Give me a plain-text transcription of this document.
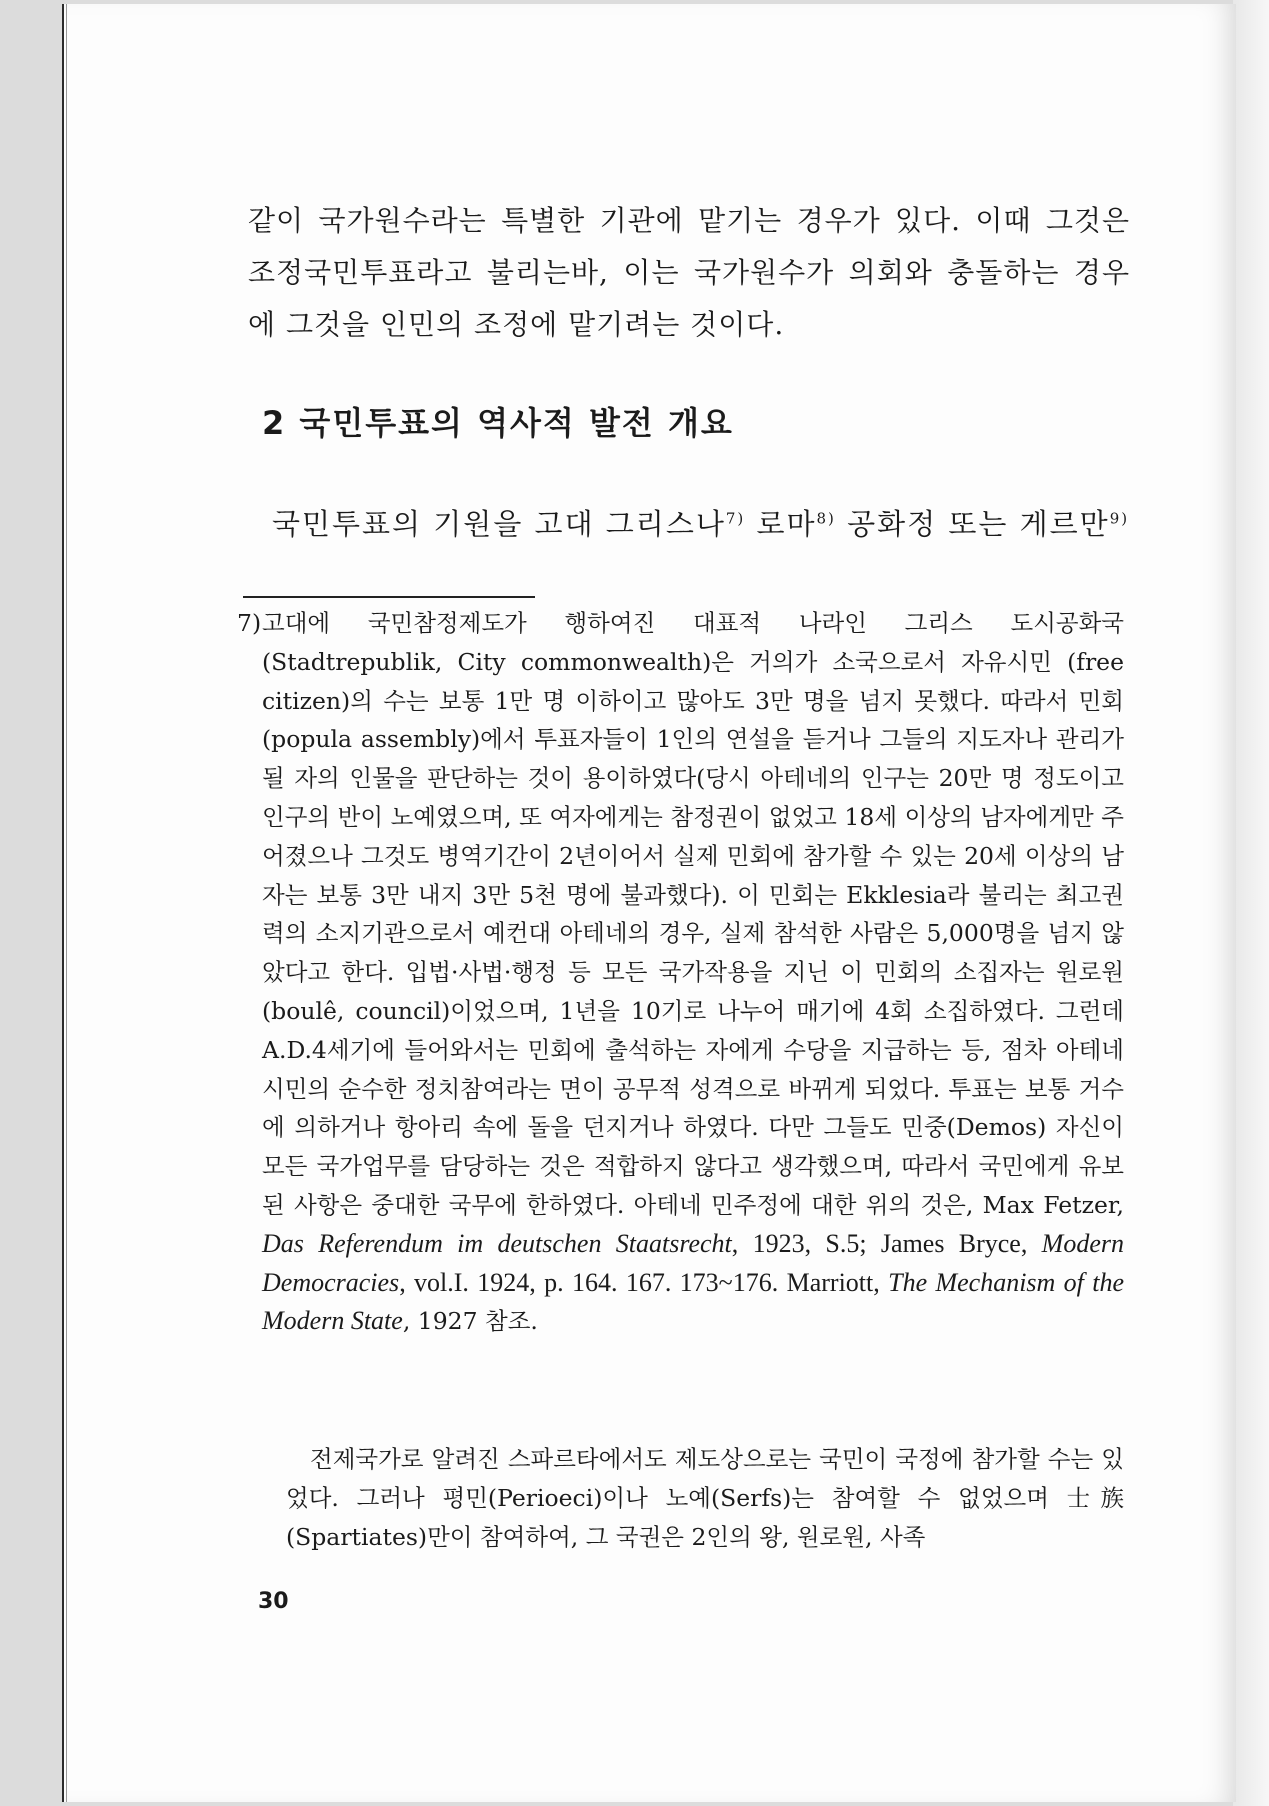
같이 국가원수라는 특별한 기관에 맡기는 경우가 있다. 이때 그것은 조정국민투표라고 불리는바, 이는 국가원수가 의회와 충돌하는 경우에 그것을 인민의 조정에 맡기려는 것이다.

2 국민투표의 역사적 발전 개요

국민투표의 기원을 고대 그리스나$^{7)}$ 로마$^{8)}$ 공화정 또는 게르만$^{9)}$

7) 고대에 국민참정제도가 행하여진 대표적 나라인 그리스 도시공화국 (Stadtrepublik, City commonwealth)은 거의가 소국으로서 자유시민 (free citizen)의 수는 보통 1만 명 이하이고 많아도 3만 명을 넘지 못했다. 따라서 민회(popula assembly)에서 투표자들이 1인의 연설을 듣거나 그들의 지도자나 관리가 될 자의 인물을 판단하는 것이 용이하였다(당시 아테네의 인구는 20만 명 정도이고 인구의 반이 노예였으며, 또 여자에게는 참정권이 없었고 18세 이상의 남자에게만 주어졌으나 그것도 병역기간이 2년이어서 실제 민회에 참가할 수 있는 20세 이상의 남자는 보통 3만 내지 3만 5천 명에 불과했다). 이 민회는 Ekklesia라 불리는 최고권력의 소지기관으로서 예컨대 아테네의 경우, 실제 참석한 사람은 5,000명을 넘지 않았다고 한다. 입법·사법·행정 등 모든 국가작용을 지닌 이 민회의 소집자는 원로원(boulê, council)이었으며, 1년을 10기로 나누어 매기에 4회 소집하였다. 그런데 A.D.4세기에 들어와서는 민회에 출석하는 자에게 수당을 지급하는 등, 점차 아테네 시민의 순수한 정치참여라는 면이 공무적 성격으로 바뀌게 되었다. 투표는 보통 거수에 의하거나 항아리 속에 돌을 던지거나 하였다. 다만 그들도 민중(Demos) 자신이 모든 국가업무를 담당하는 것은 적합하지 않다고 생각했으며, 따라서 국민에게 유보된 사항은 중대한 국무에 한하였다. 아테네 민주정에 대한 위의 것은, Max Fetzer, Das Referendum im deutschen Staatsrecht, 1923, S.5; James Bryce, Modern Democracies, vol.I. 1924, p. 164. 167. 173~176. Marriott, The Mechanism of the Modern State, 1927 참조.

전제국가로 알려진 스파르타에서도 제도상으로는 국민이 국정에 참가할 수는 있었다. 그러나 평민(Perioeci)이나 노예(Serfs)는 참여할 수 없었으며 士族(Spartiates)만이 참여하여, 그 국권은 2인의 왕, 원로원, 사족

30
